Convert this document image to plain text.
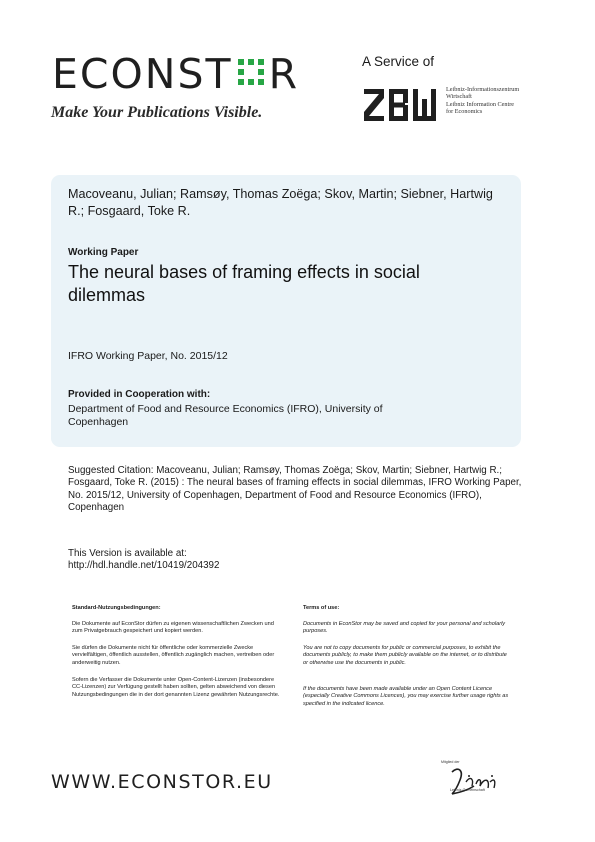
ECON ST R
Make Your Publications Visible.
A Service of
Leibniz-Informationszentrum
Wirtschaft
Leibniz Information Centre
for Economics
Macoveanu, Julian; Ramsøy, Thomas Zoëga; Skov, Martin; Siebner, Hartwig R.; Fosgaard, Toke R.
Working Paper
The neural bases of framing effects in social dilemmas
IFRO Working Paper, No. 2015/12
Provided in Cooperation with:
Department of Food and Resource Economics (IFRO), University of Copenhagen
Suggested Citation: Macoveanu, Julian; Ramsøy, Thomas Zoëga; Skov, Martin; Siebner, Hartwig R.; Fosgaard, Toke R. (2015) : The neural bases of framing effects in social dilemmas, IFRO Working Paper, No. 2015/12, University of Copenhagen, Department of Food and Resource Economics (IFRO), Copenhagen
This Version is available at:
http://hdl.handle.net/10419/204392
Standard-Nutzungsbedingungen:
Die Dokumente auf EconStor dürfen zu eigenen wissenschaftlichen Zwecken und zum Privatgebrauch gespeichert und kopiert werden.
Sie dürfen die Dokumente nicht für öffentliche oder kommerzielle Zwecke vervielfältigen, öffentlich ausstellen, öffentlich zugänglich machen, vertreiben oder anderweitig nutzen.
Sofern die Verfasser die Dokumente unter Open-Content-Lizenzen (insbesondere CC-Lizenzen) zur Verfügung gestellt haben sollten, gelten abweichend von diesen Nutzungsbedingungen die in der dort genannten Lizenz gewährten Nutzungsrechte.
Terms of use:
Documents in EconStor may be saved and copied for your personal and scholarly purposes.
You are not to copy documents for public or commercial purposes, to exhibit the documents publicly, to make them publicly available on the internet, or to distribute or otherwise use the documents in public.
If the documents have been made available under an Open Content Licence (especially Creative Commons Licences), you may exercise further usage rights as specified in the indicated licence.
WWW.ECONSTOR.EU
Mitglied der
Leibniz-Gemeinschaft
